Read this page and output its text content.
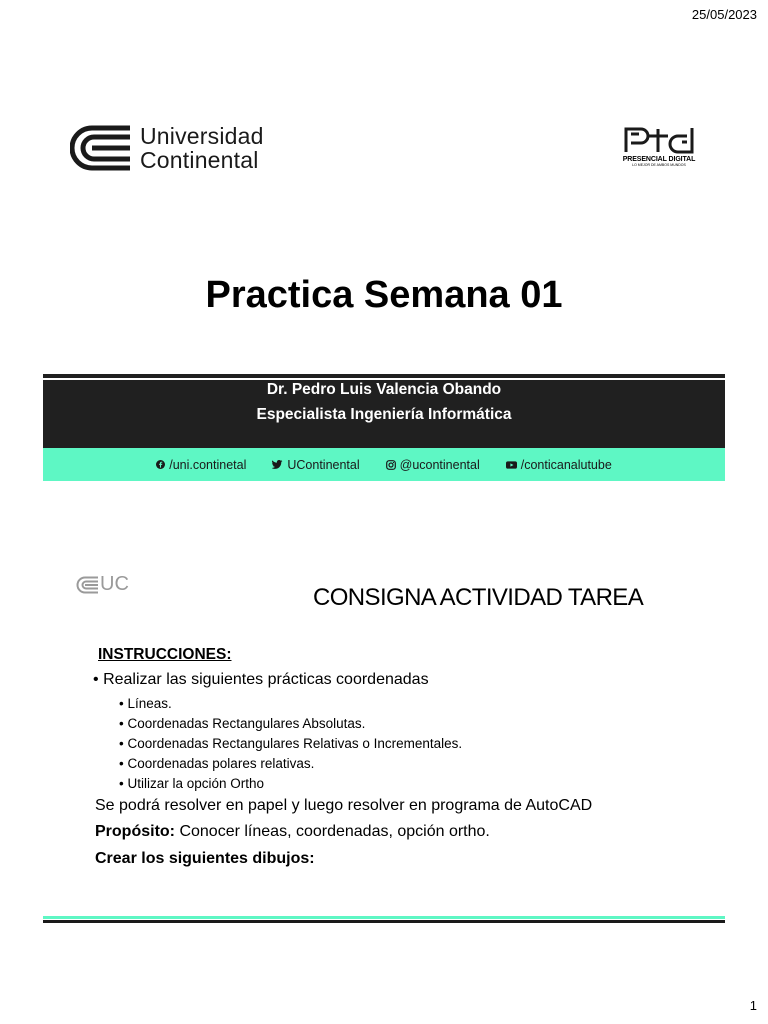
25/05/2023
Universidad
Continental	PRESENCIAL DIGITAL
LO MEJOR DE AMBOS MUNDOS
Practica Semana 01
Dr. Pedro Luis Valencia Obando
Especialista Ingeniería Informática
/uni.continetal	UContinental	@ucontinental	/conticanalutube
UC	CONSIGNA ACTIVIDAD TAREA
INSTRUCCIONES:
• Realizar las siguientes prácticas coordenadas
• Líneas.
• Coordenadas Rectangulares Absolutas.
• Coordenadas Rectangulares Relativas o Incrementales.
• Coordenadas polares relativas.
• Utilizar la opción Ortho
Se podrá resolver en papel y luego resolver en programa de AutoCAD
Propósito: Conocer líneas, coordenadas, opción ortho.
Crear los siguientes dibujos:
1
